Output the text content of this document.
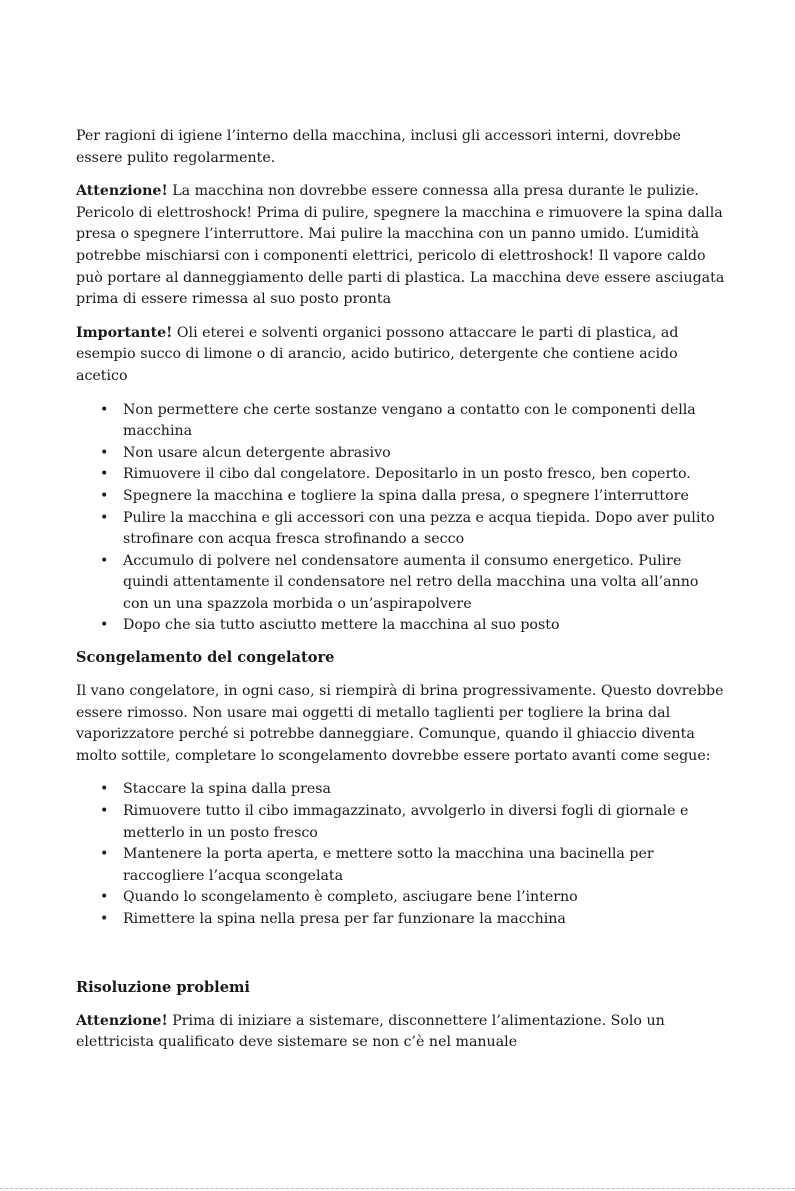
Per ragioni di igiene l’interno della macchina, inclusi gli accessori interni, dovrebbe essere pulito regolarmente.

Attenzione! La macchina non dovrebbe essere connessa alla presa durante le pulizie. Pericolo di elettroshock! Prima di pulire, spegnere la macchina e rimuovere la spina dalla presa o spegnere l’interruttore. Mai pulire la macchina con un panno umido. L’umidità potrebbe mischiarsi con i componenti elettrici, pericolo di elettroshock! Il vapore caldo può portare al danneggiamento delle parti di plastica. La macchina deve essere asciugata prima di essere rimessa al suo posto pronta

Importante! Oli eterei e solventi organici possono attaccare le parti di plastica, ad esempio succo di limone o di arancio, acido butirico, detergente che contiene acido acetico

• Non permettere che certe sostanze vengano a contatto con le componenti della macchina
• Non usare alcun detergente abrasivo
• Rimuovere il cibo dal congelatore. Depositarlo in un posto fresco, ben coperto.
• Spegnere la macchina e togliere la spina dalla presa, o spegnere l’interruttore
• Pulire la macchina e gli accessori con una pezza e acqua tiepida. Dopo aver pulito strofinare con acqua fresca strofinando a secco
• Accumulo di polvere nel condensatore aumenta il consumo energetico. Pulire quindi attentamente il condensatore nel retro della macchina una volta all’anno con un una spazzola morbida o un’aspirapolvere
• Dopo che sia tutto asciutto mettere la macchina al suo posto
Scongelamento del congelatore

Il vano congelatore, in ogni caso, si riempirà di brina progressivamente. Questo dovrebbe essere rimosso. Non usare mai oggetti di metallo taglienti per togliere la brina dal vaporizzatore perché si potrebbe danneggiare. Comunque, quando il ghiaccio diventa molto sottile, completare lo scongelamento dovrebbe essere portato avanti come segue:

• Staccare la spina dalla presa
• Rimuovere tutto il cibo immagazzinato, avvolgerlo in diversi fogli di giornale e metterlo in un posto fresco
• Mantenere la porta aperta, e mettere sotto la macchina una bacinella per raccogliere l’acqua scongelata
• Quando lo scongelamento è completo, asciugare bene l’interno
• Rimettere la spina nella presa per far funzionare la macchina
Risoluzione problemi

Attenzione! Prima di iniziare a sistemare, disconnettere l’alimentazione. Solo un elettricista qualificato deve sistemare se non c’è nel manuale
